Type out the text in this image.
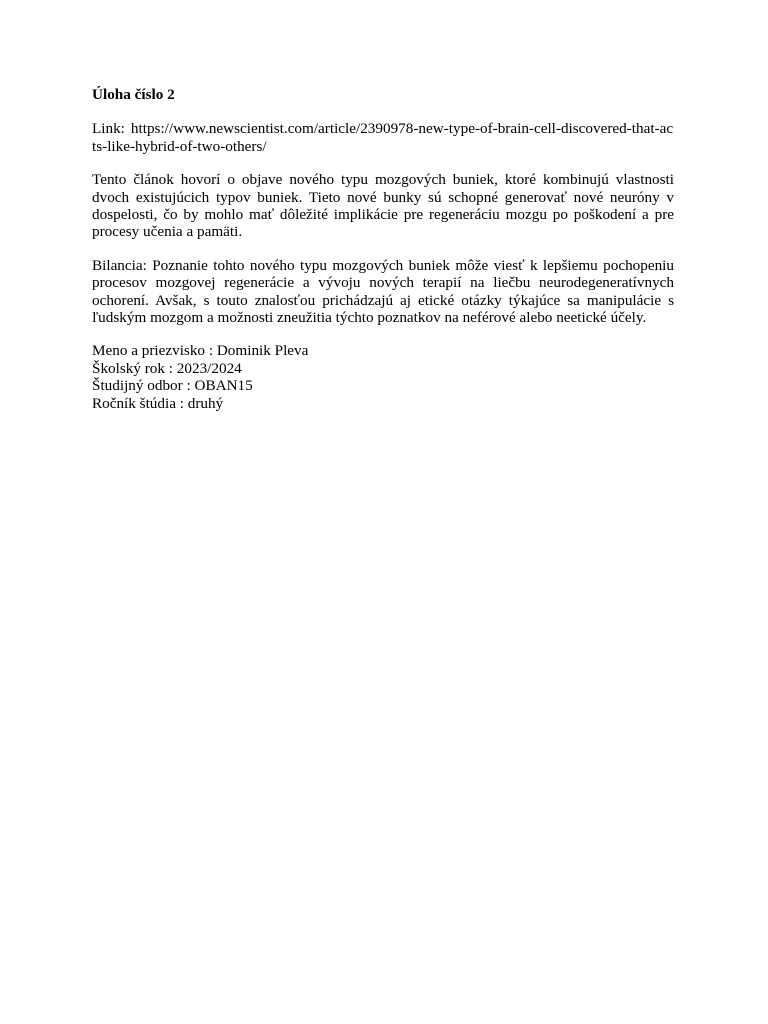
Úloha číslo 2

Link: https://www.newscientist.com/article/2390978-new-type-of-brain-cell-discovered-that-acts-like-hybrid-of-two-others/

Tento článok hovorí o objave nového typu mozgových buniek, ktoré kombinujú vlastnosti dvoch existujúcich typov buniek. Tieto nové bunky sú schopné generovať nové neuróny v dospelosti, čo by mohlo mať dôležité implikácie pre regeneráciu mozgu po poškodení a pre procesy učenia a pamäti.

Bilancia: Poznanie tohto nového typu mozgových buniek môže viesť k lepšiemu pochopeniu procesov mozgovej regenerácie a vývoju nových terapií na liečbu neurodegeneratívnych ochorení. Avšak, s touto znalosťou prichádzajú aj etické otázky týkajúce sa manipulácie s ľudským mozgom a možnosti zneužitia týchto poznatkov na neférové alebo neetické účely.

Meno a priezvisko : Dominik Pleva
Školský rok : 2023/2024
Študijný odbor : OBAN15
Ročník štúdia : druhý
